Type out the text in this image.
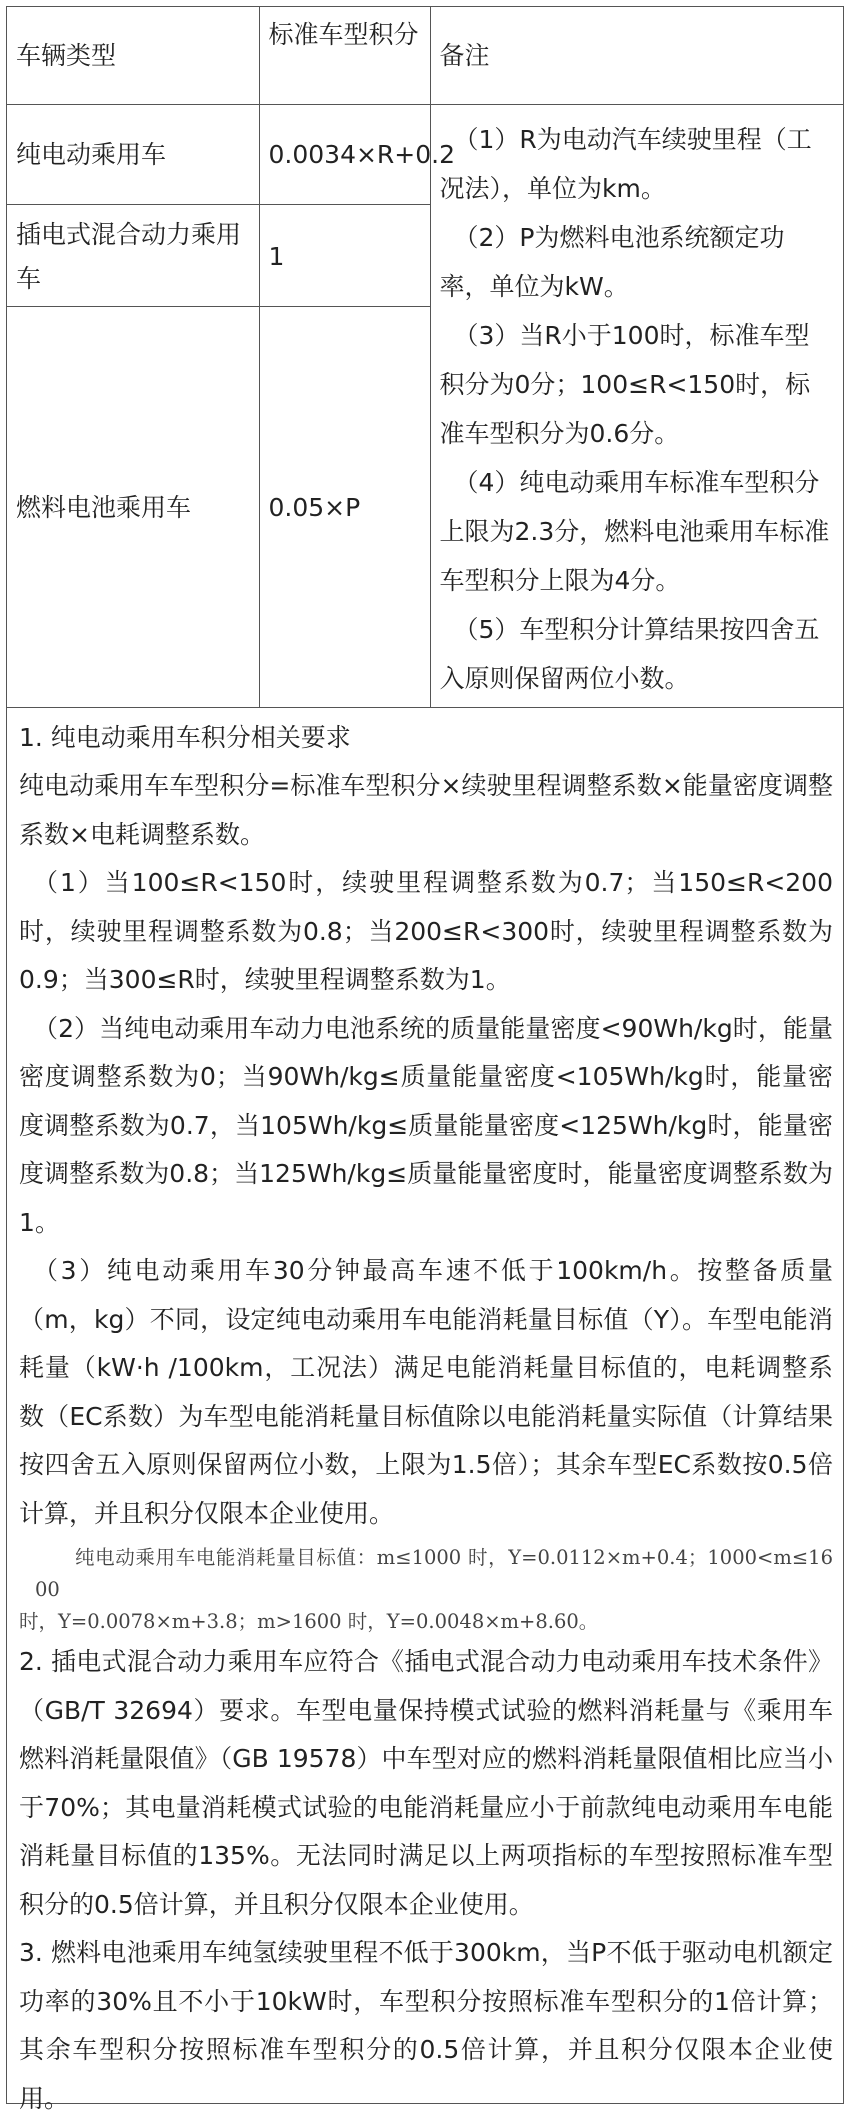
车辆类型	标准车型积分	备注
纯电动乘用车	0.0034×R+0.2	（1）R为电动汽车续驶里程（工况法），单位为km。
（2）P为燃料电池系统额定功率，单位为kW。
（3）当R小于100时，标准车型积分为0分；100≤R<150时，标准车型积分为0.6分。
（4）纯电动乘用车标准车型积分上限为2.3分，燃料电池乘用车标准车型积分上限为4分。
（5）车型积分计算结果按四舍五入原则保留两位小数。

插电式混合动力乘用车	1	
燃料电池乘用车	0.05×P	

1. 纯电动乘用车积分相关要求

纯电动乘用车车型积分=标准车型积分×续驶里程调整系数×能量密度调整系数×电耗调整系数。

（1）当100≤R<150时，续驶里程调整系数为0.7；当150≤R<200时，续驶里程调整系数为0.8；当200≤R<300时，续驶里程调整系数为0.9；当300≤R时，续驶里程调整系数为1。

（2）当纯电动乘用车动力电池系统的质量能量密度<90Wh/kg时，能量密度调整系数为0；当90Wh/kg≤质量能量密度<105Wh/kg时，能量密度调整系数为0.7，当105Wh/kg≤质量能量密度<125Wh/kg时，能量密度调整系数为0.8；当125Wh/kg≤质量能量密度时，能量密度调整系数为1。

（3）纯电动乘用车30分钟最高车速不低于100km/h。按整备质量（m，kg）不同，设定纯电动乘用车电能消耗量目标值（Y）。车型电能消耗量（kW·h /100km，工况法）满足电能消耗量目标值的，电耗调整系数（EC系数）为车型电能消耗量目标值除以电能消耗量实际值（计算结果按四舍五入原则保留两位小数，上限为1.5倍）；其余车型EC系数按0.5倍计算，并且积分仅限本企业使用。

纯电动乘用车电能消耗量目标值：m≤1000 时，Y=0.0112×m+0.4；1000<m≤1600
时，Y=0.0078×m+3.8；m>1600 时，Y=0.0048×m+8.60。

2. 插电式混合动力乘用车应符合《插电式混合动力电动乘用车技术条件》（GB/T 32694）要求。车型电量保持模式试验的燃料消耗量与《乘用车燃料消耗量限值》（GB 19578）中车型对应的燃料消耗量限值相比应当小于70%；其电量消耗模式试验的电能消耗量应小于前款纯电动乘用车电能消耗量目标值的135%。无法同时满足以上两项指标的车型按照标准车型积分的0.5倍计算，并且积分仅限本企业使用。

3. 燃料电池乘用车纯氢续驶里程不低于300km，当P不低于驱动电机额定功率的30%且不小于10kW时，车型积分按照标准车型积分的1倍计算；其余车型积分按照标准车型积分的0.5倍计算，并且积分仅限本企业使用。
